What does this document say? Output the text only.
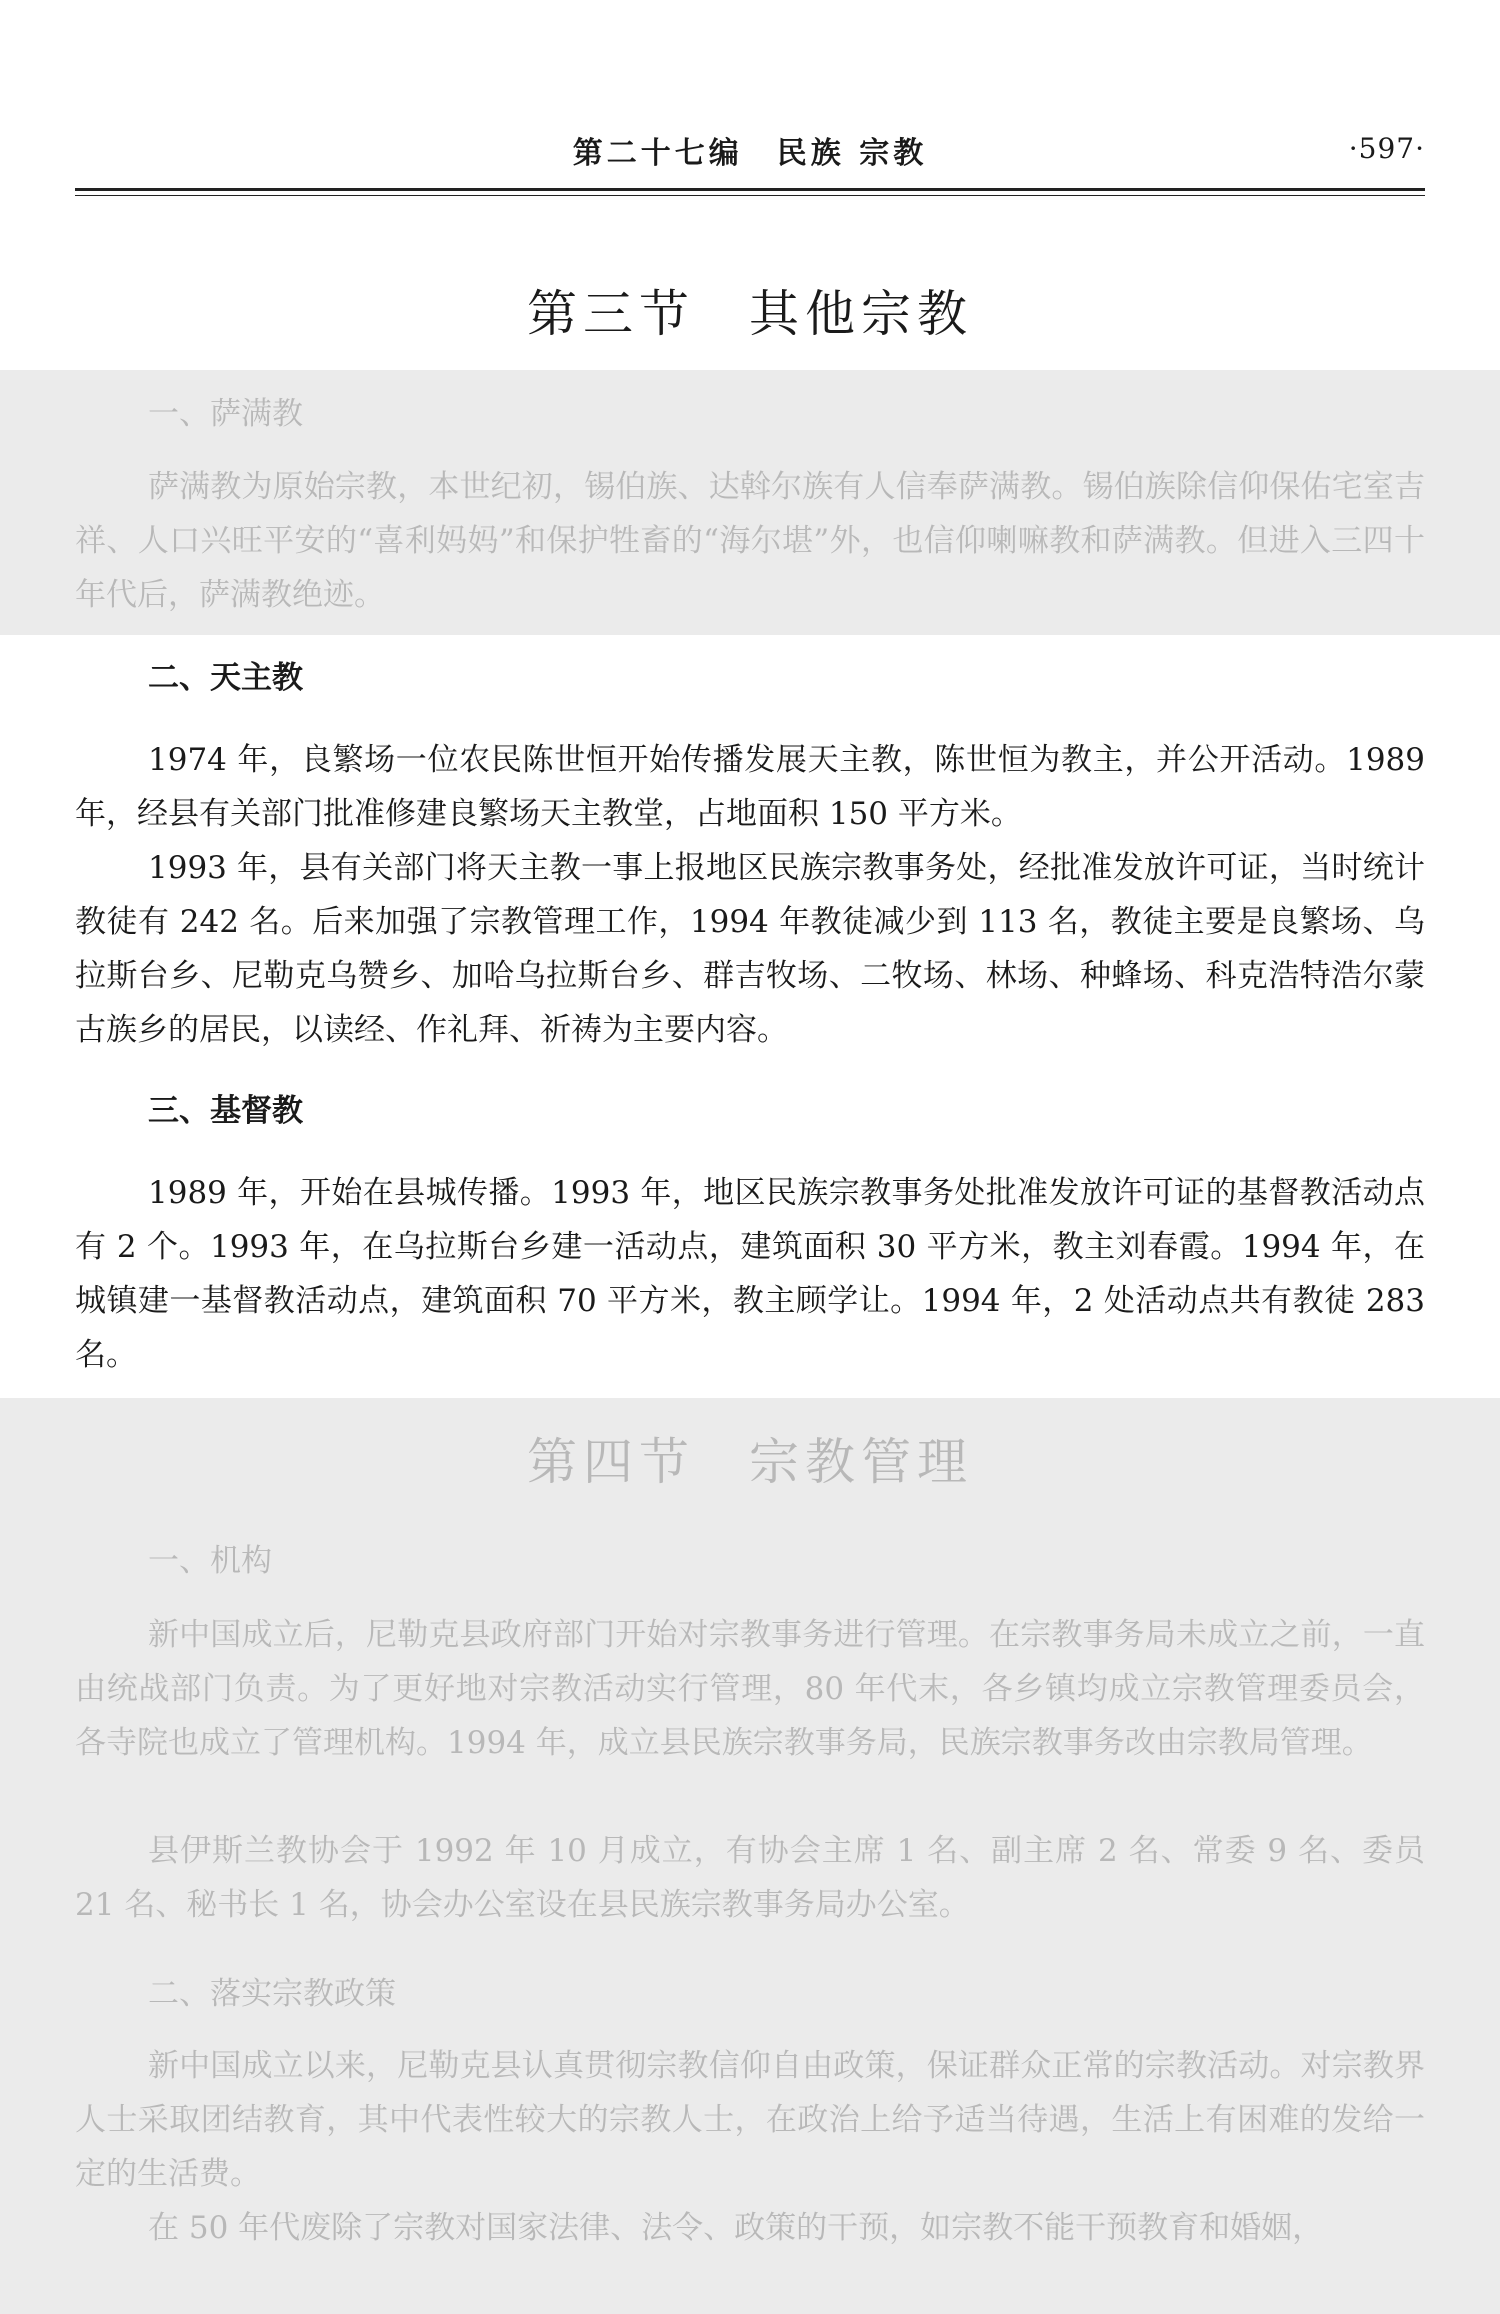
第二十七编　民族 宗教	·597·
第三节 其他宗教
一、萨满教

萨满教为原始宗教，本世纪初，锡伯族、达斡尔族有人信奉萨满教。锡伯族除信仰保佑宅室吉祥、人口兴旺平安的“喜利妈妈”和保护牲畜的“海尔堪”外，也信仰喇嘛教和萨满教。但进入三四十年代后，萨满教绝迹。

二、天主教

1974 年，良繁场一位农民陈世恒开始传播发展天主教，陈世恒为教主，并公开活动。1989 年，经县有关部门批准修建良繁场天主教堂，占地面积 150 平方米。

1993 年，县有关部门将天主教一事上报地区民族宗教事务处，经批准发放许可证，当时统计教徒有 242 名。后来加强了宗教管理工作，1994 年教徒减少到 113 名，教徒主要是良繁场、乌拉斯台乡、尼勒克乌赞乡、加哈乌拉斯台乡、群吉牧场、二牧场、林场、种蜂场、科克浩特浩尔蒙古族乡的居民，以读经、作礼拜、祈祷为主要内容。

三、基督教

1989 年，开始在县城传播。1993 年，地区民族宗教事务处批准发放许可证的基督教活动点有 2 个。1993 年，在乌拉斯台乡建一活动点，建筑面积 30 平方米，教主刘春霞。1994 年，在城镇建一基督教活动点，建筑面积 70 平方米，教主顾学让。1994 年，2 处活动点共有教徒 283 名。

第四节 宗教管理
一、机构

新中国成立后，尼勒克县政府部门开始对宗教事务进行管理。在宗教事务局未成立之前，一直由统战部门负责。为了更好地对宗教活动实行管理，80 年代末，各乡镇均成立宗教管理委员会，各寺院也成立了管理机构。1994 年，成立县民族宗教事务局，民族宗教事务改由宗教局管理。

县伊斯兰教协会于 1992 年 10 月成立，有协会主席 1 名、副主席 2 名、常委 9 名、委员 21 名、秘书长 1 名，协会办公室设在县民族宗教事务局办公室。

二、落实宗教政策

新中国成立以来，尼勒克县认真贯彻宗教信仰自由政策，保证群众正常的宗教活动。对宗教界人士采取团结教育，其中代表性较大的宗教人士，在政治上给予适当待遇，生活上有困难的发给一定的生活费。

在 50 年代废除了宗教对国家法律、法令、政策的干预，如宗教不能干预教育和婚姻，
